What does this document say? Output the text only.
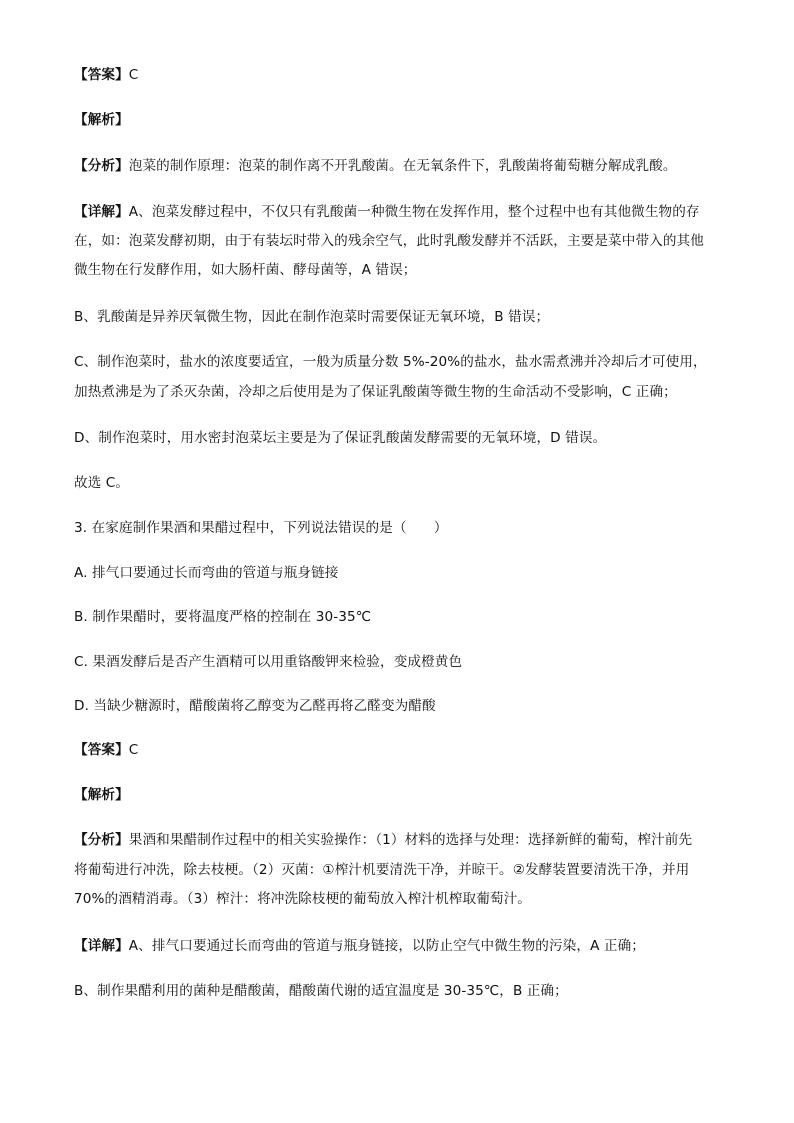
【答案】C
【解析】
【分析】泡菜的制作原理：泡菜的制作离不开乳酸菌。在无氧条件下，乳酸菌将葡萄糖分解成乳酸。
【详解】A、泡菜发酵过程中，不仅只有乳酸菌一种微生物在发挥作用，整个过程中也有其他微生物的存
在，如：泡菜发酵初期，由于有装坛时带入的残余空气，此时乳酸发酵并不活跃，主要是菜中带入的其他
微生物在行发酵作用，如大肠杆菌、酵母菌等，A 错误；
B、乳酸菌是异养厌氧微生物，因此在制作泡菜时需要保证无氧环境，B 错误；
C、制作泡菜时，盐水的浓度要适宜，一般为质量分数 5%-20%的盐水，盐水需煮沸并冷却后才可使用，
加热煮沸是为了杀灭杂菌，冷却之后使用是为了保证乳酸菌等微生物的生命活动不受影响，C 正确；
D、制作泡菜时，用水密封泡菜坛主要是为了保证乳酸菌发酵需要的无氧环境，D 错误。
故选 C。
3. 在家庭制作果酒和果醋过程中，下列说法错误的是（　　）
A. 排气口要通过长而弯曲的管道与瓶身链接
B. 制作果醋时，要将温度严格的控制在 30-35℃
C. 果酒发酵后是否产生酒精可以用重铬酸钾来检验，变成橙黄色
D. 当缺少糖源时，醋酸菌将乙醇变为乙醛再将乙醛变为醋酸
【答案】C
【解析】
【分析】果酒和果醋制作过程中的相关实验操作：（1）材料的选择与处理：选择新鲜的葡萄，榨汁前先
将葡萄进行冲洗，除去枝梗。（2）灭菌：①榨汁机要清洗干净，并晾干。②发酵装置要清洗干净，并用
70%的酒精消毒。（3）榨汁：将冲洗除枝梗的葡萄放入榨汁机榨取葡萄汁。
【详解】A、排气口要通过长而弯曲的管道与瓶身链接，以防止空气中微生物的污染，A 正确；
B、制作果醋利用的菌种是醋酸菌，醋酸菌代谢的适宜温度是 30-35℃，B 正确；
